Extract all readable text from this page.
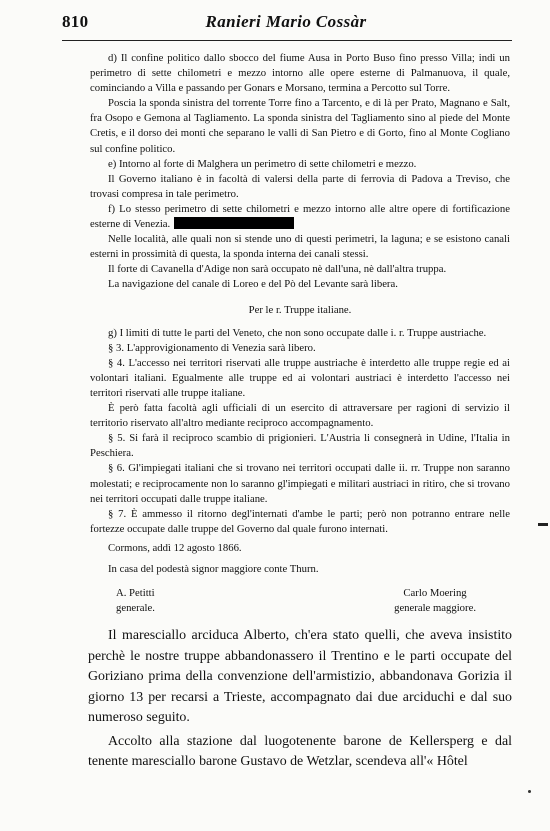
810	Ranieri Mario Cossàr

d) Il confine politico dallo sbocco del fiume Ausa in Porto Buso fino presso Villa; indi un perimetro di sette chilometri e mezzo intorno alle opere esterne di Palmanuova, il quale, cominciando a Villa e passando per Gonars e Morsano, termina a Percotto sul Torre.

Poscia la sponda sinistra del torrente Torre fino a Tarcento, e di là per Prato, Magnano e Salt, fra Osopo e Gemona al Tagliamento. La sponda sinistra del Tagliamento sino al piede del Monte Cretis, e il dorso dei monti che separano le valli di San Pietro e di Gorto, fino al Monte Cogliano sul confine politico.

e) Intorno al forte di Malghera un perimetro di sette chilometri e mezzo.

Il Governo italiano è in facoltà di valersi della parte di ferrovia di Padova a Treviso, che trovasi compresa in tale perimetro.

f) Lo stesso perimetro di sette chilometri e mezzo intorno alle altre opere di fortificazione esterne di Venezia.

Nelle località, alle quali non si stende uno di questi perimetri, la laguna; e se esistono canali esterni in prossimità di questa, la sponda interna dei canali stessi.

Il forte di Cavanella d'Adige non sarà occupato nè dall'una, nè dall'altra truppa.

La navigazione del canale di Loreo e del Pò del Levante sarà libera.

Per le r. Truppe italiane.

g) I limiti di tutte le parti del Veneto, che non sono occupate dalle i. r. Truppe austriache.

§ 3. L'approvigionamento di Venezia sarà libero.

§ 4. L'accesso nei territori riservati alle truppe austriache è interdetto alle truppe regie ed ai volontari italiani. Egualmente alle truppe ed ai volontari austriaci è interdetto l'accesso nei territori riservati alle truppe italiane.

È però fatta facoltà agli ufficiali di un esercito di attraversare per ragioni di servizio il territorio riservato all'altro mediante reciproco accompagnamento.

§ 5. Si farà il reciproco scambio di prigionieri. L'Austria li consegnerà in Udine, l'Italia in Peschiera.

§ 6. Gl'impiegati italiani che si trovano nei territori occupati dalle ii. rr. Truppe non saranno molestati; e reciprocamente non lo saranno gl'impiegati e militari austriaci in ritiro, che si trovano nei territori occupati dalle truppe italiane.

§ 7. È ammesso il ritorno degl'internati d'ambe le parti; però non potranno entrare nelle fortezze occupate dalle truppe del Governo dal quale furono internati.

Cormons, addì 12 agosto 1866.

In casa del podestà signor maggiore conte Thurn.

A. Petitti
generale.
Carlo Moering
generale maggiore.

Il maresciallo arciduca Alberto, ch'era stato quelli, che aveva insistito perchè le nostre truppe abbandonassero il Trentino e le parti occupate del Goriziano prima della convenzione dell'armistizio, abbandonava Gorizia il giorno 13 per recarsi a Trieste, accompagnato dai due arciduchi e dal suo numeroso seguito.

Accolto alla stazione dal luogotenente barone de Kellersperg e dal tenente maresciallo barone Gustavo de Wetzlar, scendeva all'« Hôtel
